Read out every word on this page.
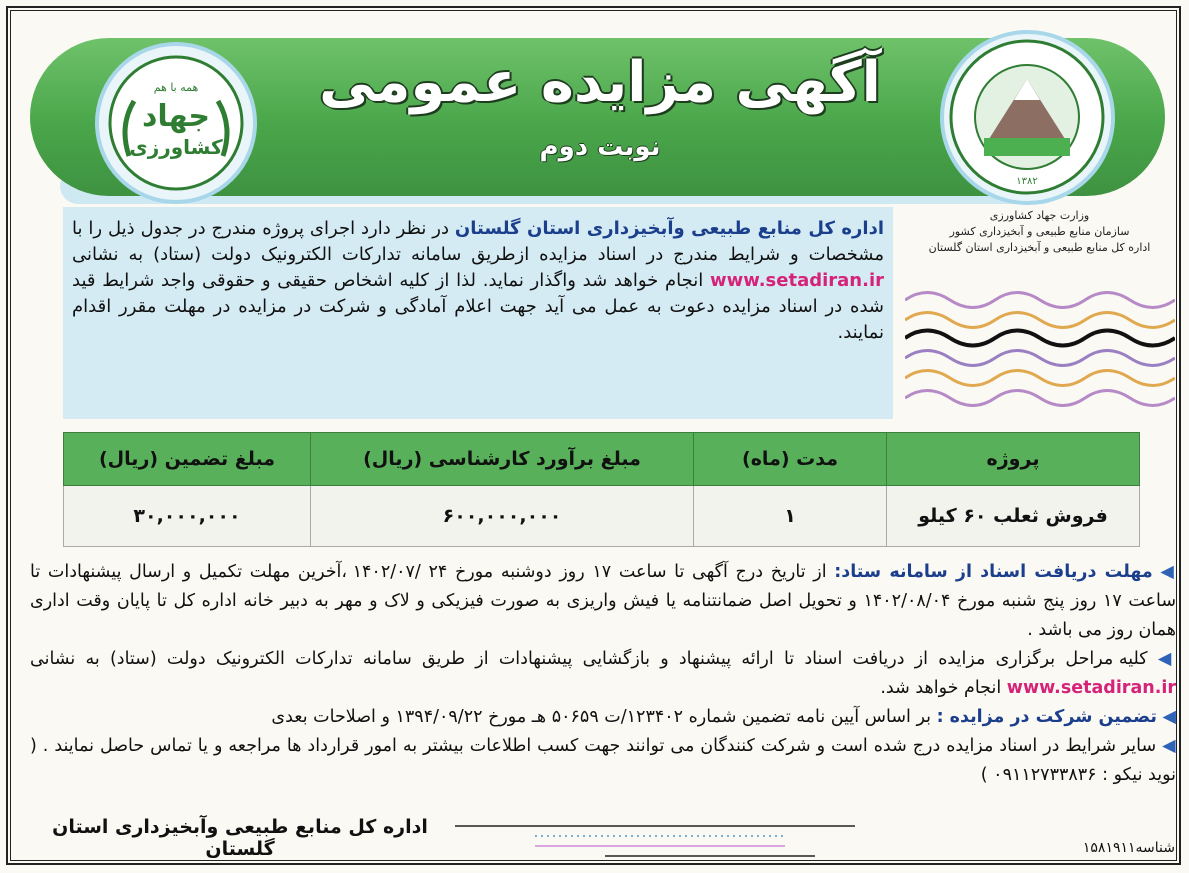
آگهی مزایده عمومی
نوبت دوم
جهاد
کشاورزی
همه با هم
۱۳۸۲
وزارت جهاد کشاورزی
سازمان منابع طبیعی و آبخیزداری کشور
اداره کل منابع طبیعی و آبخیزداری استان گلستان
اداره کل منابع طبیعی وآبخیزداری استان گلستان در نظر دارد اجرای پروژه مندرج در جدول ذیل را با مشخصات و شرایط مندرج در اسناد مزایده ازطریق سامانه تدارکات الکترونیک دولت (ستاد) به نشانی www.setadiran.ir انجام خواهد شد وا‌گذار نماید. لذا از کلیه اشخاص حقیقی و حقوقی واجد شرایط قید شده در اسناد مزایده دعوت به عمل می آید جهت اعلام آمادگی و شرکت در مزایده در مهلت مقرر اقدام نمایند.
پروژه	مدت (ماه)	مبلغ برآورد کارشناسی (ریال)	مبلغ تضمین (ریال)
فروش ثعلب ۶۰ کیلو	۱	۶۰۰,۰۰۰,۰۰۰	۳۰,۰۰۰,۰۰۰

◀ مهلت دریافت اسناد از سامانه ستاد: از تاریخ درج آگهی تا ساعت ۱۷ روز دوشنبه مورخ ۲۴ /۱۴۰۲/۰۷ ،آخرین مهلت تکمیل و ارسال پیشنهادات تا ساعت ۱۷ روز پنج شنبه مورخ ۱۴۰۲/۰۸/۰۴ و تحویل اصل ضمانتنامه یا فیش واریزی به صورت فیزیکی و لاک و مهر به دبیر خانه اداره کل تا پایان وقت اداری همان روز می باشد .

◀ کلیه مراحل برگزاری مزایده از دریافت اسناد تا ارائه پیشنهاد و بازگشایی پیشنهادات از طریق سامانه تدارکات الکترونیک دولت (ستاد) به نشانی www.setadiran.ir انجام خواهد شد.

◀ تضمین شرکت در مزایده : بر اساس آیین نامه تضمین شماره ۱۲۳۴۰۲/ت ۵۰۶۵۹ هـ مورخ ۱۳۹۴/۰۹/۲۲ و اصلاحات بعدی

◀ سایر شرایط در اسناد مزایده درج شده است و شرکت کنندگان می توانند جهت کسب اطلاعات بیشتر به امور قرارداد ها مراجعه و یا تماس حاصل نمایند . ( نوید نیکو : ۰۹۱۱۲۷۳۳۸۳۶ )

اداره کل منابع طبیعی وآبخیزداری استان گلستان	شناسه۱۵۸۱۹۱۱
